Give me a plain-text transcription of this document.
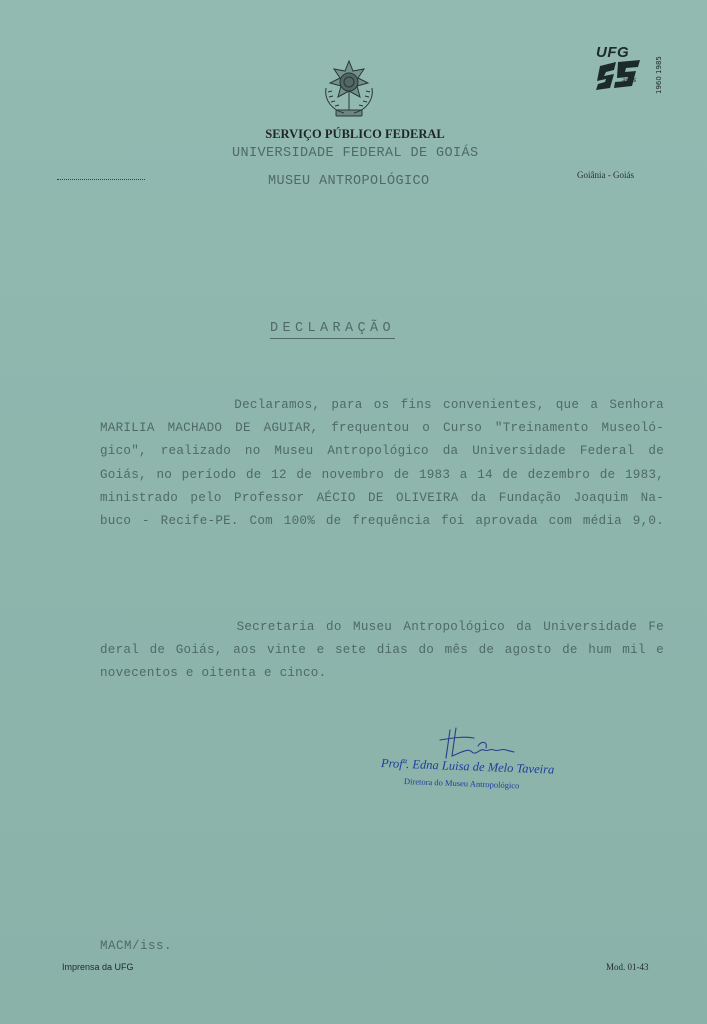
UFG
anos	1960 1985
SERVIÇO PÚBLICO FEDERAL
UNIVERSIDADE FEDERAL DE GOIÁS
MUSEU ANTROPOLÓGICO	Goiânia - Goiás
DECLARAÇÃO
Declaramos, para os fins convenientes, que a Senhora
MARILIA MACHADO DE AGUIAR, frequentou o Curso "Treinamento Museoló-
gico", realizado no Museu Antropológico da Universidade Federal de
Goiás, no período de 12 de novembro de 1983 a 14 de dezembro de 1983,
ministrado pelo Professor AÉCIO DE OLIVEIRA da Fundação Joaquim Na-
buco - Recife-PE. Com 100% de frequência foi aprovada com média 9,0.
Secretaria do Museu Antropológico da Universidade Fe
deral de Goiás, aos vinte e sete dias do mês de agosto de hum mil e
novecentos e oitenta e cinco.
Profª. Edna Luisa de Melo Taveira
Diretora do Museu Antropológico
MACM/iss.
Imprensa da UFG	Mod. 01-43
